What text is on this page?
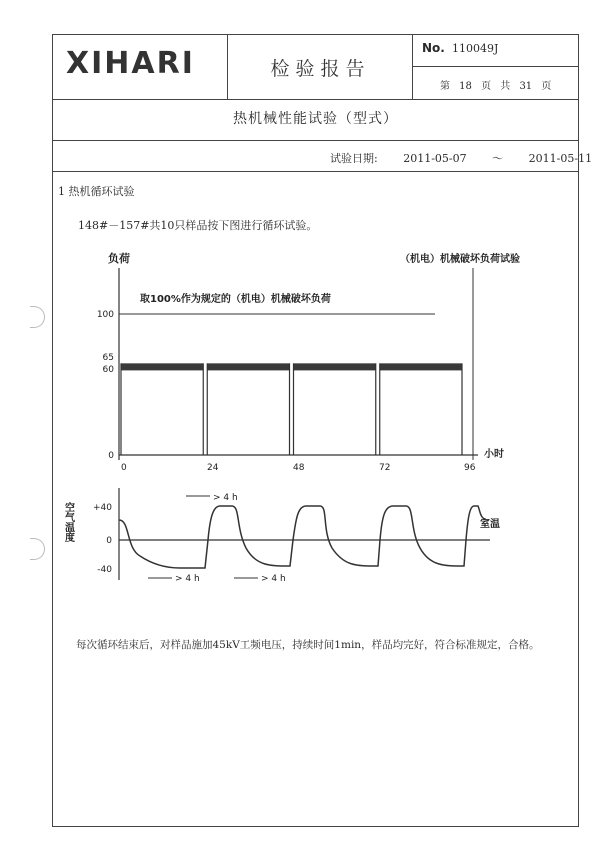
XIHARI	检验报告
No. 110049J
第 18 页 共 31 页
热机械性能试验（型式）
试验日期: 2011-05-07 ～ 2011-05-11
1 热机循环试验
148#－157#共10只样品按下图进行循环试验。
负荷	（机电）机械破坏负荷试验
小时
取100%作为规定的（机电）机械破坏负荷
100
65
60
0
0	24	48	72	96
空气温度 +40
0
-40
室温
> 4 h
> 4 h	> 4 h
每次循环结束后，对样品施加45kV工频电压，持续时间1min，样品均完好，符合标准规定，合格。
